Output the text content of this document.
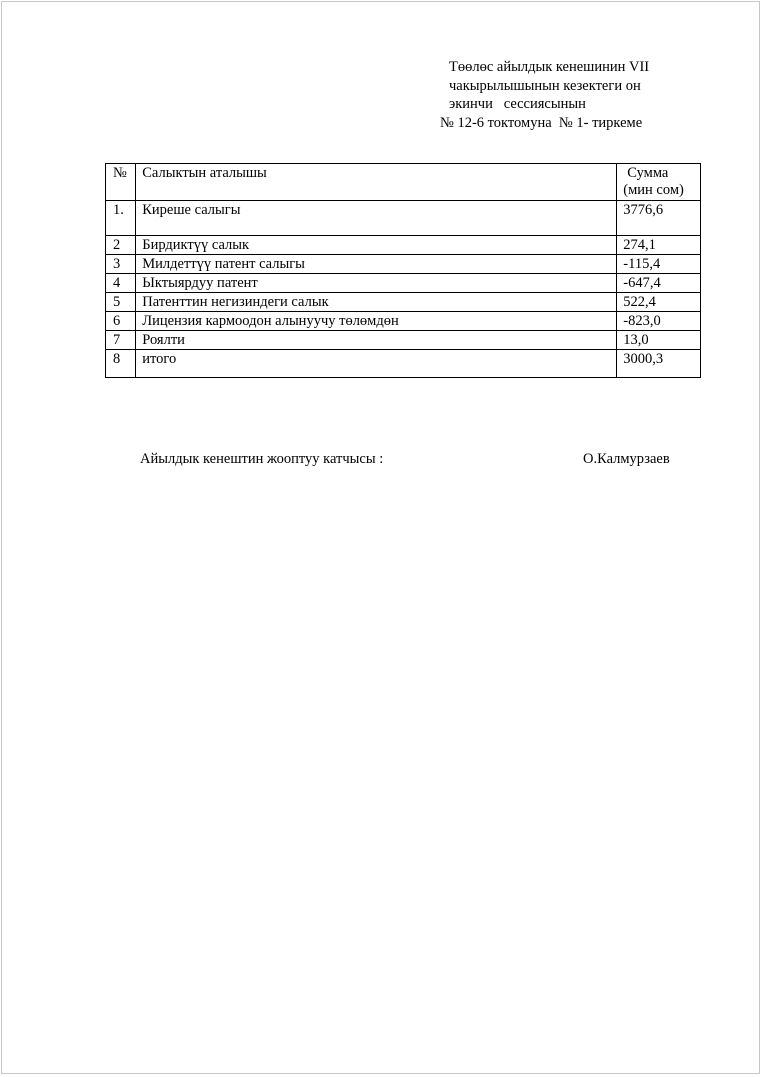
Төөлөс айылдык кенешинин VII
чакырылышынын кезектеги он
экинчи   сессиясынын
№ 12-6 токтомуна  № 1- тиркеме
№	Салыктын аталышы	Сумма
(мин сом)

1.	Киреше салыгы	3776,6
2	Бирдиктүү салык	274,1
3	Милдеттүү патент салыгы	-115,4
4	Ыктыярдуу патент	-647,4
5	Патенттин негизиндеги салык	522,4
6	Лицензия кармоодон алынуучу төлөмдөн	-823,0
7	Роялти	13,0
8	итого	3000,3
Айылдык кенештин жооптуу катчысы :	О.Калмурзаев
